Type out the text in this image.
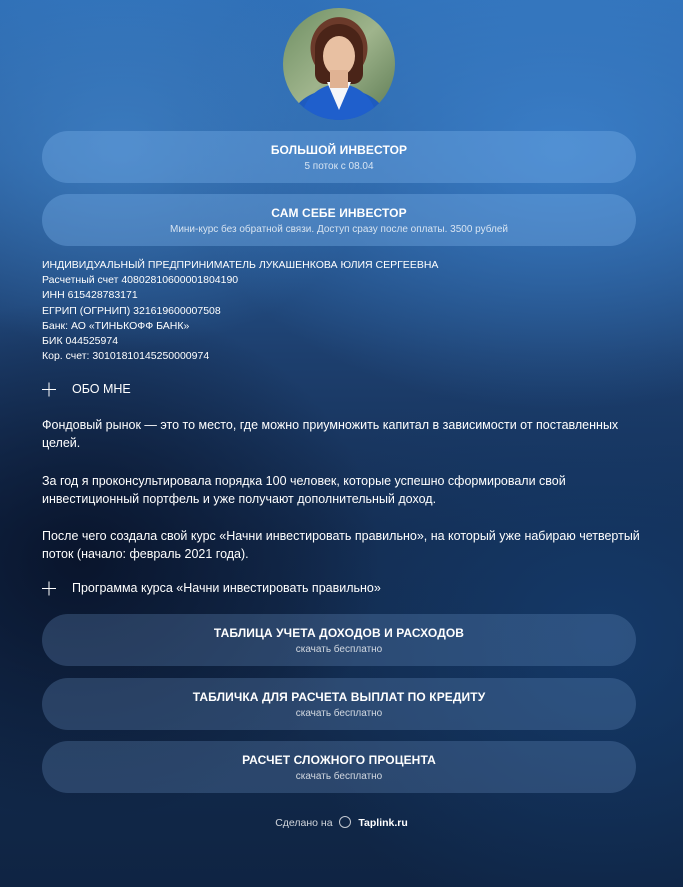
БОЛЬШОЙ ИНВЕСТОР
5 поток с 08.04
САМ СЕБЕ ИНВЕСТОР
Мини-курс без обратной связи. Доступ сразу после оплаты. 3500 рублей
ИНДИВИДУАЛЬНЫЙ ПРЕДПРИНИМАТЕЛЬ ЛУКАШЕНКОВА ЮЛИЯ СЕРГЕЕВНА
Расчетный счет 40802810600001804190
ИНН 615428783171
ЕГРИП (ОГРНИП) 321619600007508
Банк: АО «ТИНЬКОФФ БАНК»
БИК 044525974
Кор. счет: 30101810145250000974
ОБО МНЕ
Фондовый рынок — это то место, где можно приумножить капитал в зависимости от поставленных целей.
За год я проконсультировала порядка 100 человек, которые успешно сформировали свой инвестиционный портфель и уже получают дополнительный доход.
После чего создала свой курс «Начни инвестировать правильно», на который уже набираю четвертый поток (начало: февраль 2021 года).
Программа курса «Начни инвестировать правильно»
ТАБЛИЦА УЧЕТА ДОХОДОВ И РАСХОДОВ
скачать бесплатно
ТАБЛИЧКА ДЛЯ РАСЧЕТА ВЫПЛАТ ПО КРЕДИТУ
скачать бесплатно
РАСЧЕТ СЛОЖНОГО ПРОЦЕНТА
скачать бесплатно
Сделано на Taplink.ru
